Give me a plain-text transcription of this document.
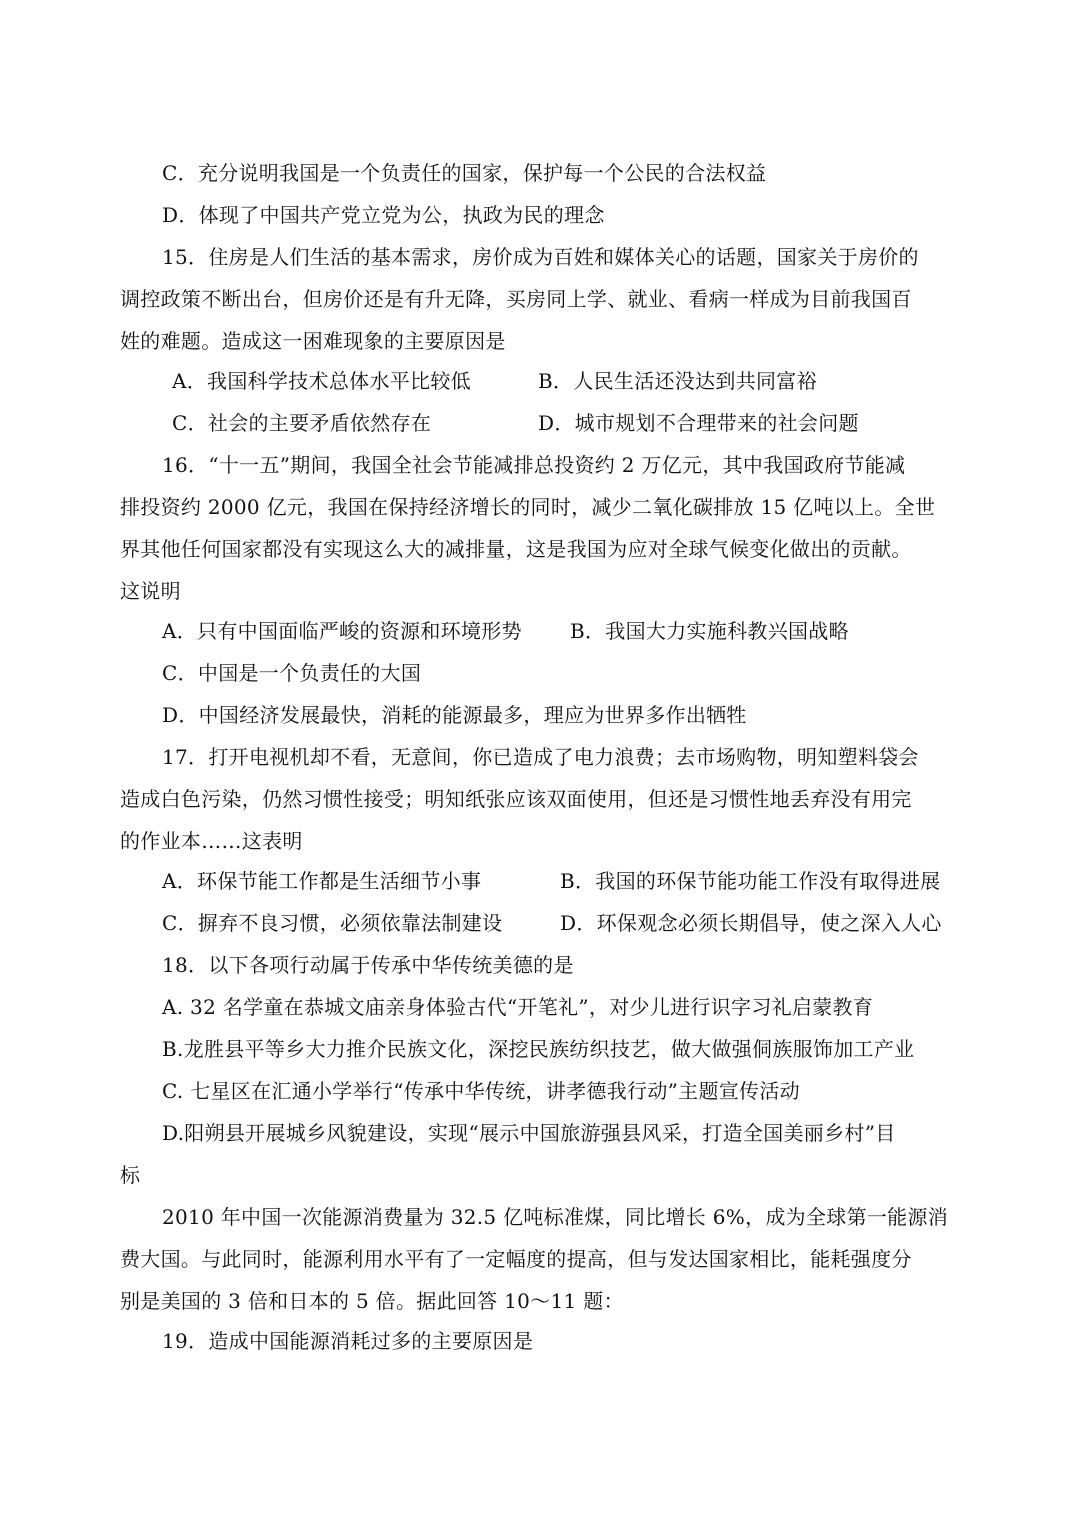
C．充分说明我国是一个负责任的国家，保护每一个公民的合法权益
D．体现了中国共产党立党为公，执政为民的理念
15．住房是人们生活的基本需求，房价成为百姓和媒体关心的话题，国家关于房价的
调控政策不断出台，但房价还是有升无降，买房同上学、就业、看病一样成为目前我国百
姓的难题。造成这一困难现象的主要原因是
A．我国科学技术总体水平比较低	B．人民生活还没达到共同富裕
C．社会的主要矛盾依然存在	D．城市规划不合理带来的社会问题
16．“十一五”期间，我国全社会节能减排总投资约 2 万亿元，其中我国政府节能减
排投资约 2000 亿元，我国在保持经济增长的同时，减少二氧化碳排放 15 亿吨以上。全世
界其他任何国家都没有实现这么大的减排量，这是我国为应对全球气候变化做出的贡献。
这说明
A．只有中国面临严峻的资源和环境形势 B．我国大力实施科教兴国战略
C．中国是一个负责任的大国
D．中国经济发展最快，消耗的能源最多，理应为世界多作出牺牲
17．打开电视机却不看，无意间，你已造成了电力浪费；去市场购物，明知塑料袋会
造成白色污染，仍然习惯性接受；明知纸张应该双面使用，但还是习惯性地丢弃没有用完
的作业本……这表明
A．环保节能工作都是生活细节小事	B．我国的环保节能功能工作没有取得进展
C．摒弃不良习惯，必须依靠法制建设	D．环保观念必须长期倡导，使之深入人心
18．以下各项行动属于传承中华传统美德的是
A. 32 名学童在恭城文庙亲身体验古代“开笔礼”，对少儿进行识字习礼启蒙教育
B.龙胜县平等乡大力推介民族文化，深挖民族纺织技艺，做大做强侗族服饰加工产业
C. 七星区在汇通小学举行“传承中华传统，讲孝德我行动”主题宣传活动
D.阳朔县开展城乡风貌建设，实现“展示中国旅游强县风采，打造全国美丽乡村”目
标
2010 年中国一次能源消费量为 32.5 亿吨标准煤，同比增长 6%，成为全球第一能源消
费大国。与此同时，能源利用水平有了一定幅度的提高，但与发达国家相比，能耗强度分
别是美国的 3 倍和日本的 5 倍。据此回答 10～11 题：
19．造成中国能源消耗过多的主要原因是
